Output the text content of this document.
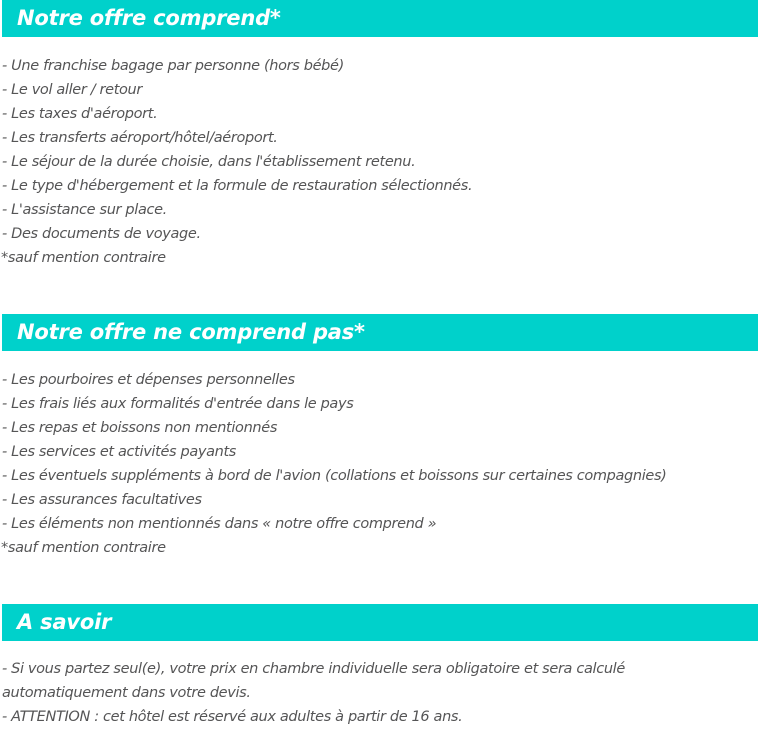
Notre offre comprend*
- Une franchise bagage par personne (hors bébé)
- Le vol aller / retour
- Les taxes d'aéroport.
- Les transferts aéroport/hôtel/aéroport.
- Le séjour de la durée choisie, dans l'établissement retenu.
- Le type d'hébergement et la formule de restauration sélectionnés.
- L'assistance sur place.
- Des documents de voyage.
*sauf mention contraire
Notre offre ne comprend pas*
- Les pourboires et dépenses personnelles
- Les frais liés aux formalités d'entrée dans le pays
- Les repas et boissons non mentionnés
- Les services et activités payants
- Les éventuels suppléments à bord de l'avion (collations et boissons sur certaines compagnies)
- Les assurances facultatives
- Les éléments non mentionnés dans « notre offre comprend »
*sauf mention contraire
A savoir
- Si vous partez seul(e), votre prix en chambre individuelle sera obligatoire et sera calculé automatiquement dans votre devis.
- ATTENTION : cet hôtel est réservé aux adultes à partir de 16 ans.
